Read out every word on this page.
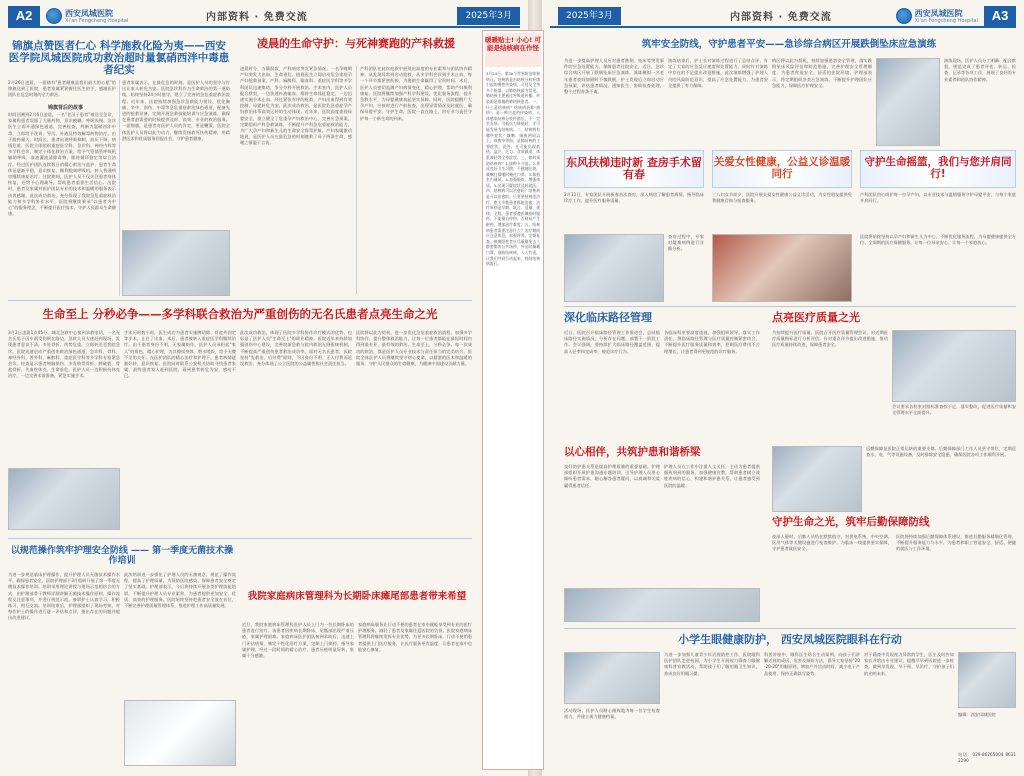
A2	西安凤城医院
Xi'an Fengcheng Hospital	内部资料 · 免费交流	2025年3月
锦旗点赞医者仁心 科学施救化险为夷——西安医学院凤城医院成功救治超时量氯硝西泮中毒患者纪实
2月26日凌晨，一面绣有"患者健康是我们最大的心愿"的锦旗送到了医院，患者家属紧紧握住医生的手，感谢医护团队在危急时刻的全力救治。
锦旗背后的故事
时间回溯到2月6日凌晨，一名"老汉子患者"被送至急诊，家属称患者误服了大量药物，意识模糊，呼吸浅慢。急诊医生立即开通绿色通道，完善检查，判断为氯硝西泮中毒，立即给予洗胃、导泻、补液及特效解毒药物治疗。由于服药量大、时间长，患者出现呼吸抑制、血压下降，病情危重。医院立即组织重症医学科、急诊科、神经内科等多学科会诊，制定个体化救治方案，给予气管插管呼吸机辅助呼吸、血液灌流清除毒物、维持循环稳定等综合治疗。经过医护团队连续数日的精心救治与监护，患者生命体征逐渐平稳，意识恢复，顺利脱离呼吸机，转入普通病房继续康复治疗。住院期间，医护人员不仅关注患者身体恢复，还给予心理疏导，帮助患者重建生活信心。出院时，患者及家属对医护团队专业的技术和温暖的服务表示由衷感谢。此次成功救治，充分体现了我院急危重症救治能力和多学科协作水平。医院将继续秉承"以患者为中心"的服务理念，不断提升医疗技术，守护人民群众生命健康。
患者家属表示，在最危急的时刻，是医护人员的坚守与付出让家人转危为安。医院急诊科作为生命救治的第一道防线，始终坚持24小时值守，建立了完善的急危重症救治流程。近年来，医院持续加强急诊急救能力建设，优化胸痛、卒中、创伤、中毒等急危重症救治绿色通道，配备先进的抢救设备，定期开展急救技能培训与应急演练，确保在患者最需要的时候提供及时、高效、专业的救治服务。一面锦旗，是患者对医护人员的肯定，更是鞭策。医院全体医护人员将以此为动力，继续发扬救死扶伤精神，用精湛医术和优质服务回报社会，守护患者健康。
凌晨的生命守护：与死神赛跑的产科救援
凌晨时分，万籁俱寂，产科病房突发紧急情况。一名孕晚期产妇突发大出血，生命垂危。值班医生立即启动危急重症孕产妇抢救预案，产科、麻醉科、输血科、重症医学科等多学科团队迅速集结，争分夺秒开展救治。手术室内，医护人员配合默契，一边快速补液输血、维持生命体征稳定，一边迅速实施手术止血。经过紧张有序的抢救，产妇出血得到有效控制，母婴转危为安。此次成功救治，是医院危急重症孕产妇救治体系高效运转的生动体现。近年来，医院高度重视母婴安全，建立健全了危重孕产妇救治中心，完善应急预案，定期组织产科急救演练，不断提升产科急危重症救治能力，为广大孕产妇和新生儿的生命安全保驾护航。产妇家属激动地说，是医护人员在最危急的时刻挽救了母子两条生命，感谢之情溢于言表。
产科团队在此次抢救中展现出高度的专业素养与团队协作精神。从发现异常到启动抢救，从多学科会诊到手术止血，每一个环节都紧密衔接，为挽救生命赢得了宝贵时间。术后，医护人员密切监测产妇病情变化，精心护理，帮助产妇顺利康复。医院将继续加强产科学科建设，优化服务流程，提升急救水平，为母婴健康筑起坚实屏障。同时，医院提醒广大孕产妇，应按时进行产前检查，出现异常情况及时就医，确保母婴平安。守护生命，医院一直在路上，用专业与责任守护每一个新生命的到来。
生命至上 分秒必争——多学科联合救治为严重创伤的无名氏患者点亮生命之光
3月2日凌晨1点45分，城北急救中心接到求救电话，一名无名氏男子因车祸受伤倒在路边。急救人员火速赶到现场，发现患者意识不清，多处骨折，伤势危重，立即转送至我院急诊。医院迅速启动严重创伤救治绿色通道，急诊科、骨科、神经外科、普外科、麻醉科、重症医学科等多学科专家紧急会诊。检查显示患者颅脑损伤、多发肋骨骨折、脾破裂、骨盆骨折，失血性休克，生命垂危。医护人员一边积极抗休克治疗，一边完善术前准备，紧急实施手术。
手术历时数小时，医生成功为患者实施脾切除、骨盆外固定等手术，止住了出血。术后，患者被转入重症医学科继续治疗。由于患者身份不明，无家属陪伴，医护人员承担起"家人"的角色，精心护理，为其擦拭身体、喂水喂饭，给予无微不至的关怀。在医护团队的精心治疗和护理下，患者病情逐渐好转，意识恢复。医院同时联系公安机关协助寻找患者家属，最终患者家人赶到医院，看到患者转危为安，感动不已。
此次成功救治，体现了医院多学科协作诊疗模式的优势，也彰显了医护人员"生命至上"的职业精神。医院近年来持续加强创伤中心建设，完善院前急救与院内救治无缝衔接机制，不断提高严重创伤患者救治成功率。面对无名氏患者，医院坚持"先救治、后付费"原则，不因身份不明、无人付费而延误救治，充分体现了公立医院的公益属性和社会责任担当。
医院将以此为契机，进一步优化急危重症救治流程，加强多学科协作，提升整体救治能力，让每一位患者都能在最短时间内得到最专业、最有效的救治。生命至上，分秒必争。每一次成功的救治，都是医护人员专业技术与责任担当的完美结合。医院全体医护人员将继续坚守初心使命，以精湛的医术和温暖的服务，守护人民群众的生命健康，为健康中国建设贡献力量。
以规范操作筑牢护理安全防线 —— 第一季度无菌技术操作培训
为进一步规范临床护理操作，提升护理人员无菌技术操作水平，确保患者安全，医院护理部于3月组织开展了第一季度无菌技术操作培训。培训采用理论讲授与现场示范相结合的方式，由护理部骨干教师详细讲解无菌技术操作原则、操作流程及注意事项，并进行规范示范。参训护士认真学习，积极练习，相互交流。培训结束后，护理部组织了现场考核，对每位护士的操作进行逐一评估和点评，指出存在的问题并提出改进建议。
此次培训进一步强化了护理人员的无菌观念，规范了操作流程，提高了护理质量，为预防医院感染、保障患者安全奠定了坚实基础。护理部表示，今后将持续开展各类护理技能培训，不断提升护理人员专业素养，为患者提供更加安全、优质、高效的护理服务。医院始终坚持把患者安全放在首位，不断完善护理质量管理体系，推进护理工作高质量发展。
我院家庭病床管理科为长期卧床瘫尾部患者带来希望
近日，我院家庭病床管理科医护人员上门为一位长期卧床的患者进行治疗。该患者因疾病长期卧床，尾骶部出现严重压疮，家属护理困难。家庭病床医护团队接到求助后，迅速上门评估病情，制定个性化治疗方案，定期上门换药、指导家属护理，经过一段时间的精心治疗，患者压疮明显好转，家属十分感激。
家庭病床服务让行动不便的患者在家中就能享受到专业的医疗护理服务，减轻了患者及家属往返医院的负担。医院家庭病床管理科将继续发挥专业优势，为更多长期卧床、行动不便的患者提供上门医疗服务，让医疗服务更有温度，让患者在家中也能安心康复。
暖暖贴士! 小心! 可能是结核病在作怪
3月24日，第30个世界防治结核病日。结核病是由结核分枝杆菌引起的慢性传染病，可侵及全身多个脏器，以肺结核最为常见。肺结核主要通过呼吸道传播，传染源是排菌的肺结核患者。一、什么是结核病？结核病俗称"痨病"，是一种古老的传染病。人体感染结核分枝杆菌后，不一定会发病，当抵抗力降低时，才可能发展为结核病。二、结核病有哪些症状？咳嗽、咳痰两周以上，或痰中带血，是肺结核的主要症状。此外，还可能出现低热、盗汗、乏力、食欲减退、体重减轻等全身症状。三、如何预防结核病？1.接种卡介苗。2.养成良好卫生习惯，不随地吐痰，咳嗽打喷嚏时掩住口鼻。3.保持室内通风。4.加强锻炼，增强体质。5.出现可疑症状及时就医。四、结核病可以治愈吗？结核病是可以治愈的。只要坚持规范治疗，绝大多数患者都能治愈。治疗原则是早期、联合、适量、规律、全程。患者要遵医嘱按时服药，不能擅自停药，否则易产生耐药，增加治疗难度。五、结核病患者需要注意什么？治疗期间应注意休息，加强营养，定期复查。痰菌阳性者应尽量避免去人群密集的公共场所，外出时佩戴口罩。预防结核病，人人有责，让我们共同行动起来，终结结核病流行。
2025年3月	内部资料 · 免费交流	西安凤城医院
Xi'an Fengcheng Hospital	A3
筑牢安全防线，守护患者平安——急诊综合病区开展跌倒坠床应急演练
为进一步提高护理人员应对患者跌倒、坠床等突发事件的应急处置能力，保障患者住院安全，近日，急诊综合病区开展了跌倒坠床应急演练。演练模拟一名老年患者夜间如厕时不慎跌倒，护士发现后立即启动应急预案，评估患者情况、通知医生、协助检查处理，整个过程有条不紊。
演练结束后，护士长对演练过程进行了总结点评，肯定了大家的应急反应速度和处置能力，同时针对演练中存在的不足提出改进措施。此次演练增强了护理人员的风险防范意识，提高了应急处置能力，为患者安全提供了有力保障。
病区将以此为契机，持续加强患者安全管理，落实跌倒坠床风险评估和防范措施，完善护理安全管理制度，为患者营造安全、舒适的住院环境。护理部表示，将定期组织各类应急演练，不断提升护理团队应急能力，保障医疗护理安全。
演练现场，医护人员分工明确、配合默契，规范完成了患者评估、转运、检查、记录等各项工作，展现了良好的专业素养和团队协作精神。
东风扶梯违时新 查房手术留有春
关爱女性健康，公益义诊温暖同行
守护生命摇篮，我们与您并肩同行!
2月11日，专家团队开展新春首次查房，深入病房了解患者病情，指导临床诊疗工作，提升医疗服务质量。
三八妇女节前夕，医院开展关爱女性健康公益义诊活动，为女性朋友提供免费健康咨询与检查服务。
产科团队用心呵护每一位孕产妇，以专业技术与温情服务守护母婴平安，与每个家庭并肩同行。
查房过程中，专家对疑难病例进行详细分析。
医院将始终坚持以孕产妇和新生儿为中心，不断优化服务流程，为母婴健康提供全方位、全周期的医疗保健服务，让每一位母亲安心、让每一个家庭放心。
深化临床路径管理	点亮医疗质量之光
近日，医院召开临床路径管理工作推进会，总结临床路径实施情况，分析存在问题，部署下一阶段工作。会议强调，要持续扩大临床路径覆盖范围，提高入径率和完成率，规范诊疗行为。
各临床科室要高度重视，加强组织领导，落实工作责任，将临床路径管理与医疗质量控制紧密结合，不断提升医疗服务质量和效率，控制医疗费用不合理增长，让患者得到更规范的诊疗服务。
为持续提升医疗质量，医院召开医疗质量管理会议，对近期医疗质量指标进行分析评估，针对重点环节提出改进措施，推动医疗质量持续改进，保障患者安全。
会议要求各科室对照标准查找不足，落实整改，促进医疗质量和安全管理水平全面提升。
以心相伴，共筑护患和谐桥梁
良好的护患关系是提高护理质量的重要基础。护理部组织开展护患沟通专题培训，引导护理人员用心倾听患者需求，耐心解答患者疑问，以真诚和关爱赢得患者信任。
护理人员在工作中注重人文关怀，主动为患者提供细致周到的服务，加强健康宣教，帮助患者树立战胜疾病的信心，构建和谐护患关系，让患者感受到医院的温暖。
守护生命之光，筑牢后勤保障防线
后勤保障是医院正常运转的重要支撑。后勤保障部门工作人员坚守岗位，定期巡查水、电、气等设施设备，及时排除安全隐患，确保医院各项工作顺利开展。
夜深人静时，后勤人员仍在默默值守，对供电系统、中央空调、医用气体等关键设施进行检查维护，为临床一线提供坚实保障，守护患者就医安全。
医院将持续加强后勤保障体系建设，推进后勤服务精细化管理，不断提升服务能力与水平，为患者和职工营造安全、舒适、便捷的就医与工作环境。
小学生眼健康防护， 西安凤城医院眼科在行动
为进一步加强儿童青少年近视防控工作，医院眼科医护团队走进校园，为小学生开展视力筛查与眼健康科普宣教活动，帮助孩子们了解用眼卫生知识，养成良好用眼习惯。
活动现场，医护人员耐心细致地为每一位学生检查视力，并建立视力健康档案。
科普讲座中，眼科医生结合生动案例，向孩子们讲解近视的成因、危害及预防方法，倡导大家坚持"20-20-20"用眼原则，增加户外活动时间，减少电子产品使用，保持正确读写姿势。
对于筛查中发现视力异常的学生，医生及时告知家长并给出专业建议，提醒尽早到医院进一步检查，做到早发现、早干预、早治疗，守护孩子们的光明未来。
编辑：西安凤城医院
电话：029-86265004 86312290
